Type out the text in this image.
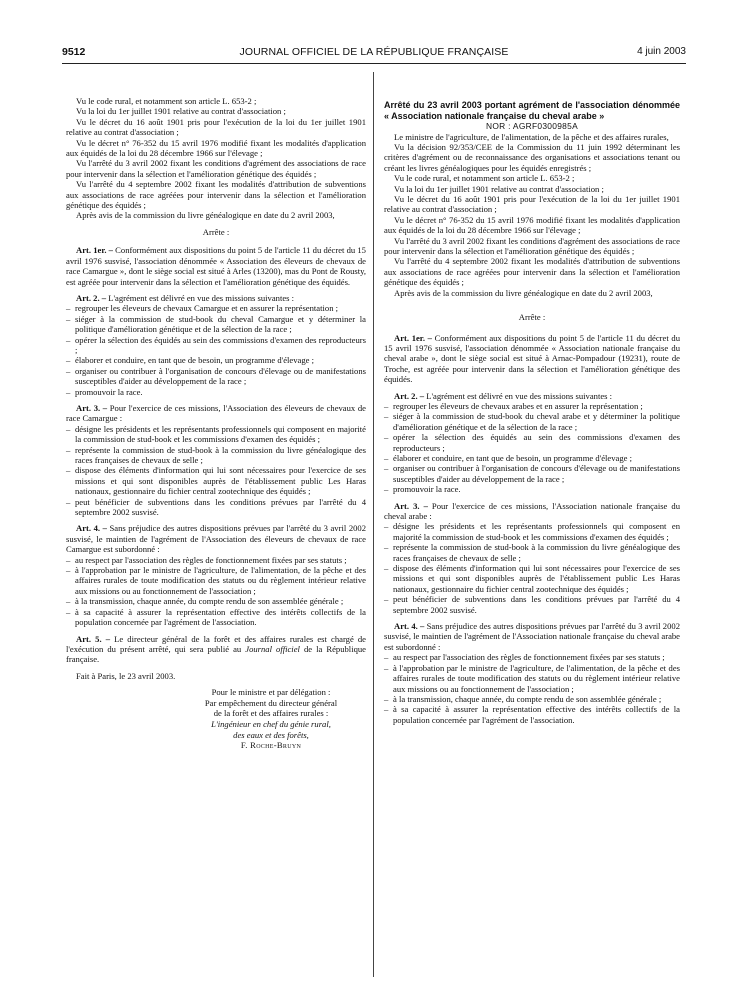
9512	JOURNAL OFFICIEL DE LA RÉPUBLIQUE FRANÇAISE	4 juin 2003

Vu le code rural, et notamment son article L. 653-2 ;

Vu la loi du 1er juillet 1901 relative au contrat d'association ;

Vu le décret du 16 août 1901 pris pour l'exécution de la loi du 1er juillet 1901 relative au contrat d'association ;

Vu le décret n° 76-352 du 15 avril 1976 modifié fixant les modalités d'application aux équidés de la loi du 28 décembre 1966 sur l'élevage ;

Vu l'arrêté du 3 avril 2002 fixant les conditions d'agrément des associations de race pour intervenir dans la sélection et l'amélioration génétique des équidés ;

Vu l'arrêté du 4 septembre 2002 fixant les modalités d'attribution de subventions aux associations de race agréées pour intervenir dans la sélection et l'amélioration génétique des équidés ;

Après avis de la commission du livre généalogique en date du 2 avril 2003,

Arrête :

Art. 1er. – Conformément aux dispositions du point 5 de l'article 11 du décret du 15 avril 1976 susvisé, l'association dénommée « Association des éleveurs de chevaux de race Camargue », dont le siège social est situé à Arles (13200), mas du Pont de Rousty, est agréée pour intervenir dans la sélection et l'amélioration génétique des équidés.

Art. 2. – L'agrément est délivré en vue des missions suivantes :

– regrouper les éleveurs de chevaux Camargue et en assurer la représentation ;
– siéger à la commission de stud-book du cheval Camargue et y déterminer la politique d'amélioration génétique et de la sélection de la race ;
– opérer la sélection des équidés au sein des commissions d'examen des reproducteurs ;
– élaborer et conduire, en tant que de besoin, un programme d'élevage ;
– organiser ou contribuer à l'organisation de concours d'élevage ou de manifestations susceptibles d'aider au développement de la race ;
– promouvoir la race.

Art. 3. – Pour l'exercice de ces missions, l'Association des éleveurs de chevaux de race Camargue :

– désigne les présidents et les représentants professionnels qui composent en majorité la commission de stud-book et les commissions d'examen des équidés ;
– représente la commission de stud-book à la commission du livre généalogique des races françaises de chevaux de selle ;
– dispose des éléments d'information qui lui sont nécessaires pour l'exercice de ses missions et qui sont disponibles auprès de l'établissement public Les Haras nationaux, gestionnaire du fichier central zootechnique des équidés ;
– peut bénéficier de subventions dans les conditions prévues par l'arrêté du 4 septembre 2002 susvisé.

Art. 4. – Sans préjudice des autres dispositions prévues par l'arrêté du 3 avril 2002 susvisé, le maintien de l'agrément de l'Association des éleveurs de chevaux de race Camargue est subordonné :

– au respect par l'association des règles de fonctionnement fixées par ses statuts ;
– à l'approbation par le ministre de l'agriculture, de l'alimentation, de la pêche et des affaires rurales de toute modification des statuts ou du règlement intérieur relative aux missions ou au fonctionnement de l'association ;
– à la transmission, chaque année, du compte rendu de son assemblée générale ;
– à sa capacité à assurer la représentation effective des intérêts collectifs de la population concernée par l'agrément de l'association.

Art. 5. – Le directeur général de la forêt et des affaires rurales est chargé de l'exécution du présent arrêté, qui sera publié au Journal officiel de la République française.

Fait à Paris, le 23 avril 2003.

Pour le ministre et par délégation :
Par empêchement du directeur général
de la forêt et des affaires rurales :
L'ingénieur en chef du génie rural,
des eaux et des forêts,
F. Roche-Bruyn

Arrêté du 23 avril 2003 portant agrément de l'association dénommée « Association nationale française du cheval arabe »

NOR : AGRF0300985A

Le ministre de l'agriculture, de l'alimentation, de la pêche et des affaires rurales,

Vu la décision 92/353/CEE de la Commission du 11 juin 1992 déterminant les critères d'agrément ou de reconnaissance des organisations et associations tenant ou créant les livres généalogiques pour les équidés enregistrés ;

Vu le code rural, et notamment son article L. 653-2 ;

Vu la loi du 1er juillet 1901 relative au contrat d'association ;

Vu le décret du 16 août 1901 pris pour l'exécution de la loi du 1er juillet 1901 relative au contrat d'association ;

Vu le décret n° 76-352 du 15 avril 1976 modifié fixant les modalités d'application aux équidés de la loi du 28 décembre 1966 sur l'élevage ;

Vu l'arrêté du 3 avril 2002 fixant les conditions d'agrément des associations de race pour intervenir dans la sélection et l'amélioration génétique des équidés ;

Vu l'arrêté du 4 septembre 2002 fixant les modalités d'attribution de subventions aux associations de race agréées pour intervenir dans la sélection et l'amélioration génétique des équidés ;

Après avis de la commission du livre généalogique en date du 2 avril 2003,

Arrête :

Art. 1er. – Conformément aux dispositions du point 5 de l'article 11 du décret du 15 avril 1976 susvisé, l'association dénommée « Association nationale française du cheval arabe », dont le siège social est situé à Arnac-Pompadour (19231), route de Troche, est agréée pour intervenir dans la sélection et l'amélioration génétique des équidés.

Art. 2. – L'agrément est délivré en vue des missions suivantes :

– regrouper les éleveurs de chevaux arabes et en assurer la représentation ;
– siéger à la commission de stud-book du cheval arabe et y déterminer la politique d'amélioration génétique et de la sélection de la race ;
– opérer la sélection des équidés au sein des commissions d'examen des reproducteurs ;
– élaborer et conduire, en tant que de besoin, un programme d'élevage ;
– organiser ou contribuer à l'organisation de concours d'élevage ou de manifestations susceptibles d'aider au développement de la race ;
– promouvoir la race.

Art. 3. – Pour l'exercice de ces missions, l'Association nationale française du cheval arabe :

– désigne les présidents et les représentants professionnels qui composent en majorité la commission de stud-book et les commissions d'examen des équidés ;
– représente la commission de stud-book à la commission du livre généalogique des races françaises de chevaux de selle ;
– dispose des éléments d'information qui lui sont nécessaires pour l'exercice de ses missions et qui sont disponibles auprès de l'établissement public Les Haras nationaux, gestionnaire du fichier central zootechnique des équidés ;
– peut bénéficier de subventions dans les conditions prévues par l'arrêté du 4 septembre 2002 susvisé.

Art. 4. – Sans préjudice des autres dispositions prévues par l'arrêté du 3 avril 2002 susvisé, le maintien de l'agrément de l'Association nationale française du cheval arabe est subordonné :

– au respect par l'association des règles de fonctionnement fixées par ses statuts ;
– à l'approbation par le ministre de l'agriculture, de l'alimentation, de la pêche et des affaires rurales de toute modification des statuts ou du règlement intérieur relative aux missions ou au fonctionnement de l'association ;
– à la transmission, chaque année, du compte rendu de son assemblée générale ;
– à sa capacité à assurer la représentation effective des intérêts collectifs de la population concernée par l'agrément de l'association.
